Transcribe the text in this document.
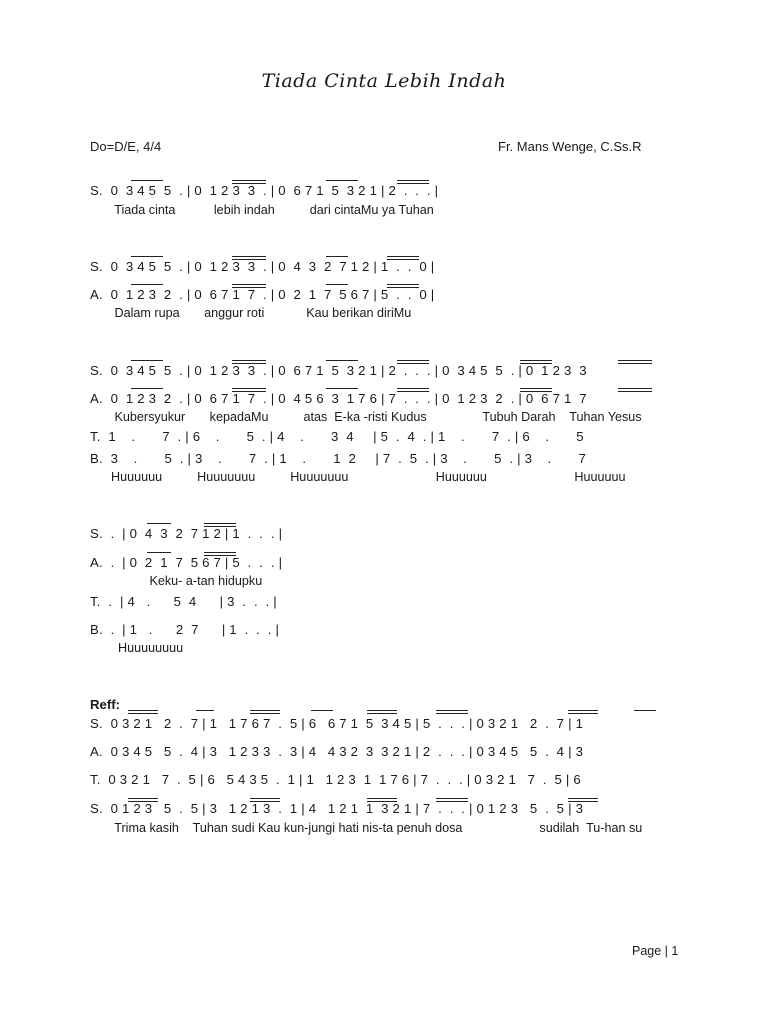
Tiada Cinta Lebih Indah
Do=D/E, 4/4	Fr. Mans Wenge, C.Ss.R
S.  0  3 4 5  5  . | 0  1 2 3  3  . | 0  6 7 1  5  3 2 1 | 2  .  .  . |
Tiada cinta           lebih indah          dari cintaMu ya Tuhan
S.  0  3 4 5  5  . | 0  1 2 3  3  . | 0  4  3  2  7 1 2 | 1  .  .  0 |
A.  0  1 2 3  2  . | 0  6 7 1  7  . | 0  2  1  7  5 6 7 | 5  .  .  0 |
Dalam rupa       anggur roti            Kau berikan diriMu
S.  0  3 4 5  5  . | 0  1 2 3  3  . | 0  6 7 1  5  3 2 1 | 2  .  .  . | 0  3 4 5  5  . | 0  1 2 3  3
A.  0  1 2 3  2  . | 0  6 7 1  7  . | 0  4 5 6  3  1 7 6 | 7  .  .  . | 0  1 2 3  2  . | 0  6 7 1  7
Kubersyukur       kepadaMu          atas  E-ka -risti Kudus                Tubuh Darah    Tuhan Yesus
T.  1    .       7  . | 6    .       5  . | 4    .       3  4     | 5  .  4  . | 1    .       7  . | 6    .       5
B.  3    .       5  . | 3    .       7  . | 1    .       1  2     | 7  .  5  . | 3    .       5  . | 3    .       7
Huuuuuu          Huuuuuuu          Huuuuuuu                         Huuuuuu                         Huuuuuu
S.  .  | 0  4  3  2  7 1 2 | 1  .  .  . |
A.  .  | 0  2  1  7  5 6 7 | 5  .  .  . |
Keku- a-tan hidupku
T.  .  | 4   .      5  4      | 3  .  .  . |
B.  .  | 1   .      2  7      | 1  .  .  . |
Huuuuuuuu
Reff:
S.  0 3 2 1   2  .  7 | 1   1 7 6 7  .  5 | 6   6 7 1  5  3 4 5 | 5  .  .  . | 0 3 2 1   2  .  7 | 1
A.  0 3 4 5   5  .  4 | 3   1 2 3 3  .  3 | 4   4 3 2  3  3 2 1 | 2  .  .  . | 0 3 4 5   5  .  4 | 3
T.  0 3 2 1   7  .  5 | 6   5 4 3 5  .  1 | 1   1 2 3  1  1 7 6 | 7  .  .  . | 0 3 2 1   7  .  5 | 6
S.  0 1 2 3   5  .  5 | 3   1 2 1 3  .  1 | 4   1 2 1  1  3 2 1 | 7  .  .  . | 0 1 2 3   5  .  5 | 3
Trima kasih    Tuhan sudi Kau kun-jungi hati nis-ta penuh dosa                      sudilah  Tu-han su
Page | 1
